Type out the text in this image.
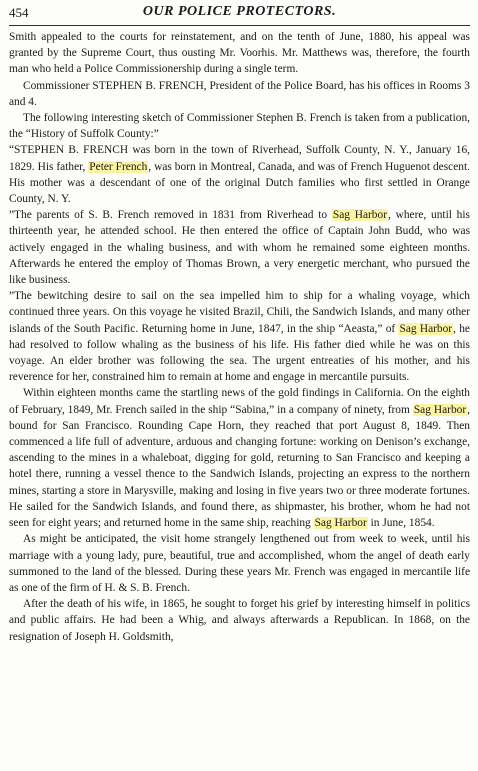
454	OUR POLICE PROTECTORS.

Smith appealed to the courts for reinstatement, and on the tenth of June, 1880, his appeal was granted by the Supreme Court, thus ousting Mr. Voorhis. Mr. Matthews was, therefore, the fourth man who held a Police Commissionership during a single term.

Commissioner STEPHEN B. FRENCH, President of the Police Board, has his offices in Rooms 3 and 4.

The following interesting sketch of Commissioner Stephen B. French is taken from a publication, the “History of Suffolk County:”

“STEPHEN B. FRENCH was born in the town of Riverhead, Suffolk County, N. Y., January 16, 1829. His father, Peter French, was born in Montreal, Canada, and was of French Huguenot descent. His mother was a descendant of one of the original Dutch families who first settled in Orange County, N. Y.

”The parents of S. B. French removed in 1831 from Riverhead to Sag Harbor, where, until his thirteenth year, he attended school. He then entered the office of Captain John Budd, who was actively engaged in the whaling business, and with whom he remained some eighteen months. Afterwards he entered the employ of Thomas Brown, a very energetic merchant, who pursued the like business.

”The bewitching desire to sail on the sea impelled him to ship for a whaling voyage, which continued three years. On this voyage he visited Brazil, Chili, the Sandwich Islands, and many other islands of the South Pacific. Returning home in June, 1847, in the ship “Aeasta,” of Sag Harbor, he had resolved to follow whaling as the business of his life. His father died while he was on this voyage. An elder brother was following the sea. The urgent entreaties of his mother, and his reverence for her, constrained him to remain at home and engage in mercantile pursuits.

Within eighteen months came the startling news of the gold findings in California. On the eighth of February, 1849, Mr. French sailed in the ship “Sabina,” in a company of ninety, from Sag Harbor, bound for San Francisco. Rounding Cape Horn, they reached that port August 8, 1849. Then commenced a life full of adventure, arduous and changing fortune: working on Denison’s exchange, ascending to the mines in a whaleboat, digging for gold, returning to San Francisco and keeping a hotel there, running a vessel thence to the Sandwich Islands, projecting an express to the northern mines, starting a store in Marysville, making and losing in five years two or three moderate fortunes. He sailed for the Sandwich Islands, and found there, as shipmaster, his brother, whom he had not seen for eight years; and returned home in the same ship, reaching Sag Harbor in June, 1854.

As might be anticipated, the visit home strangely lengthened out from week to week, until his marriage with a young lady, pure, beautiful, true and accomplished, whom the angel of death early summoned to the land of the blessed. During these years Mr. French was engaged in mercantile life as one of the firm of H. & S. B. French.

After the death of his wife, in 1865, he sought to forget his grief by interesting himself in politics and public affairs. He had been a Whig, and always afterwards a Republican. In 1868, on the resignation of Joseph H. Goldsmith,
